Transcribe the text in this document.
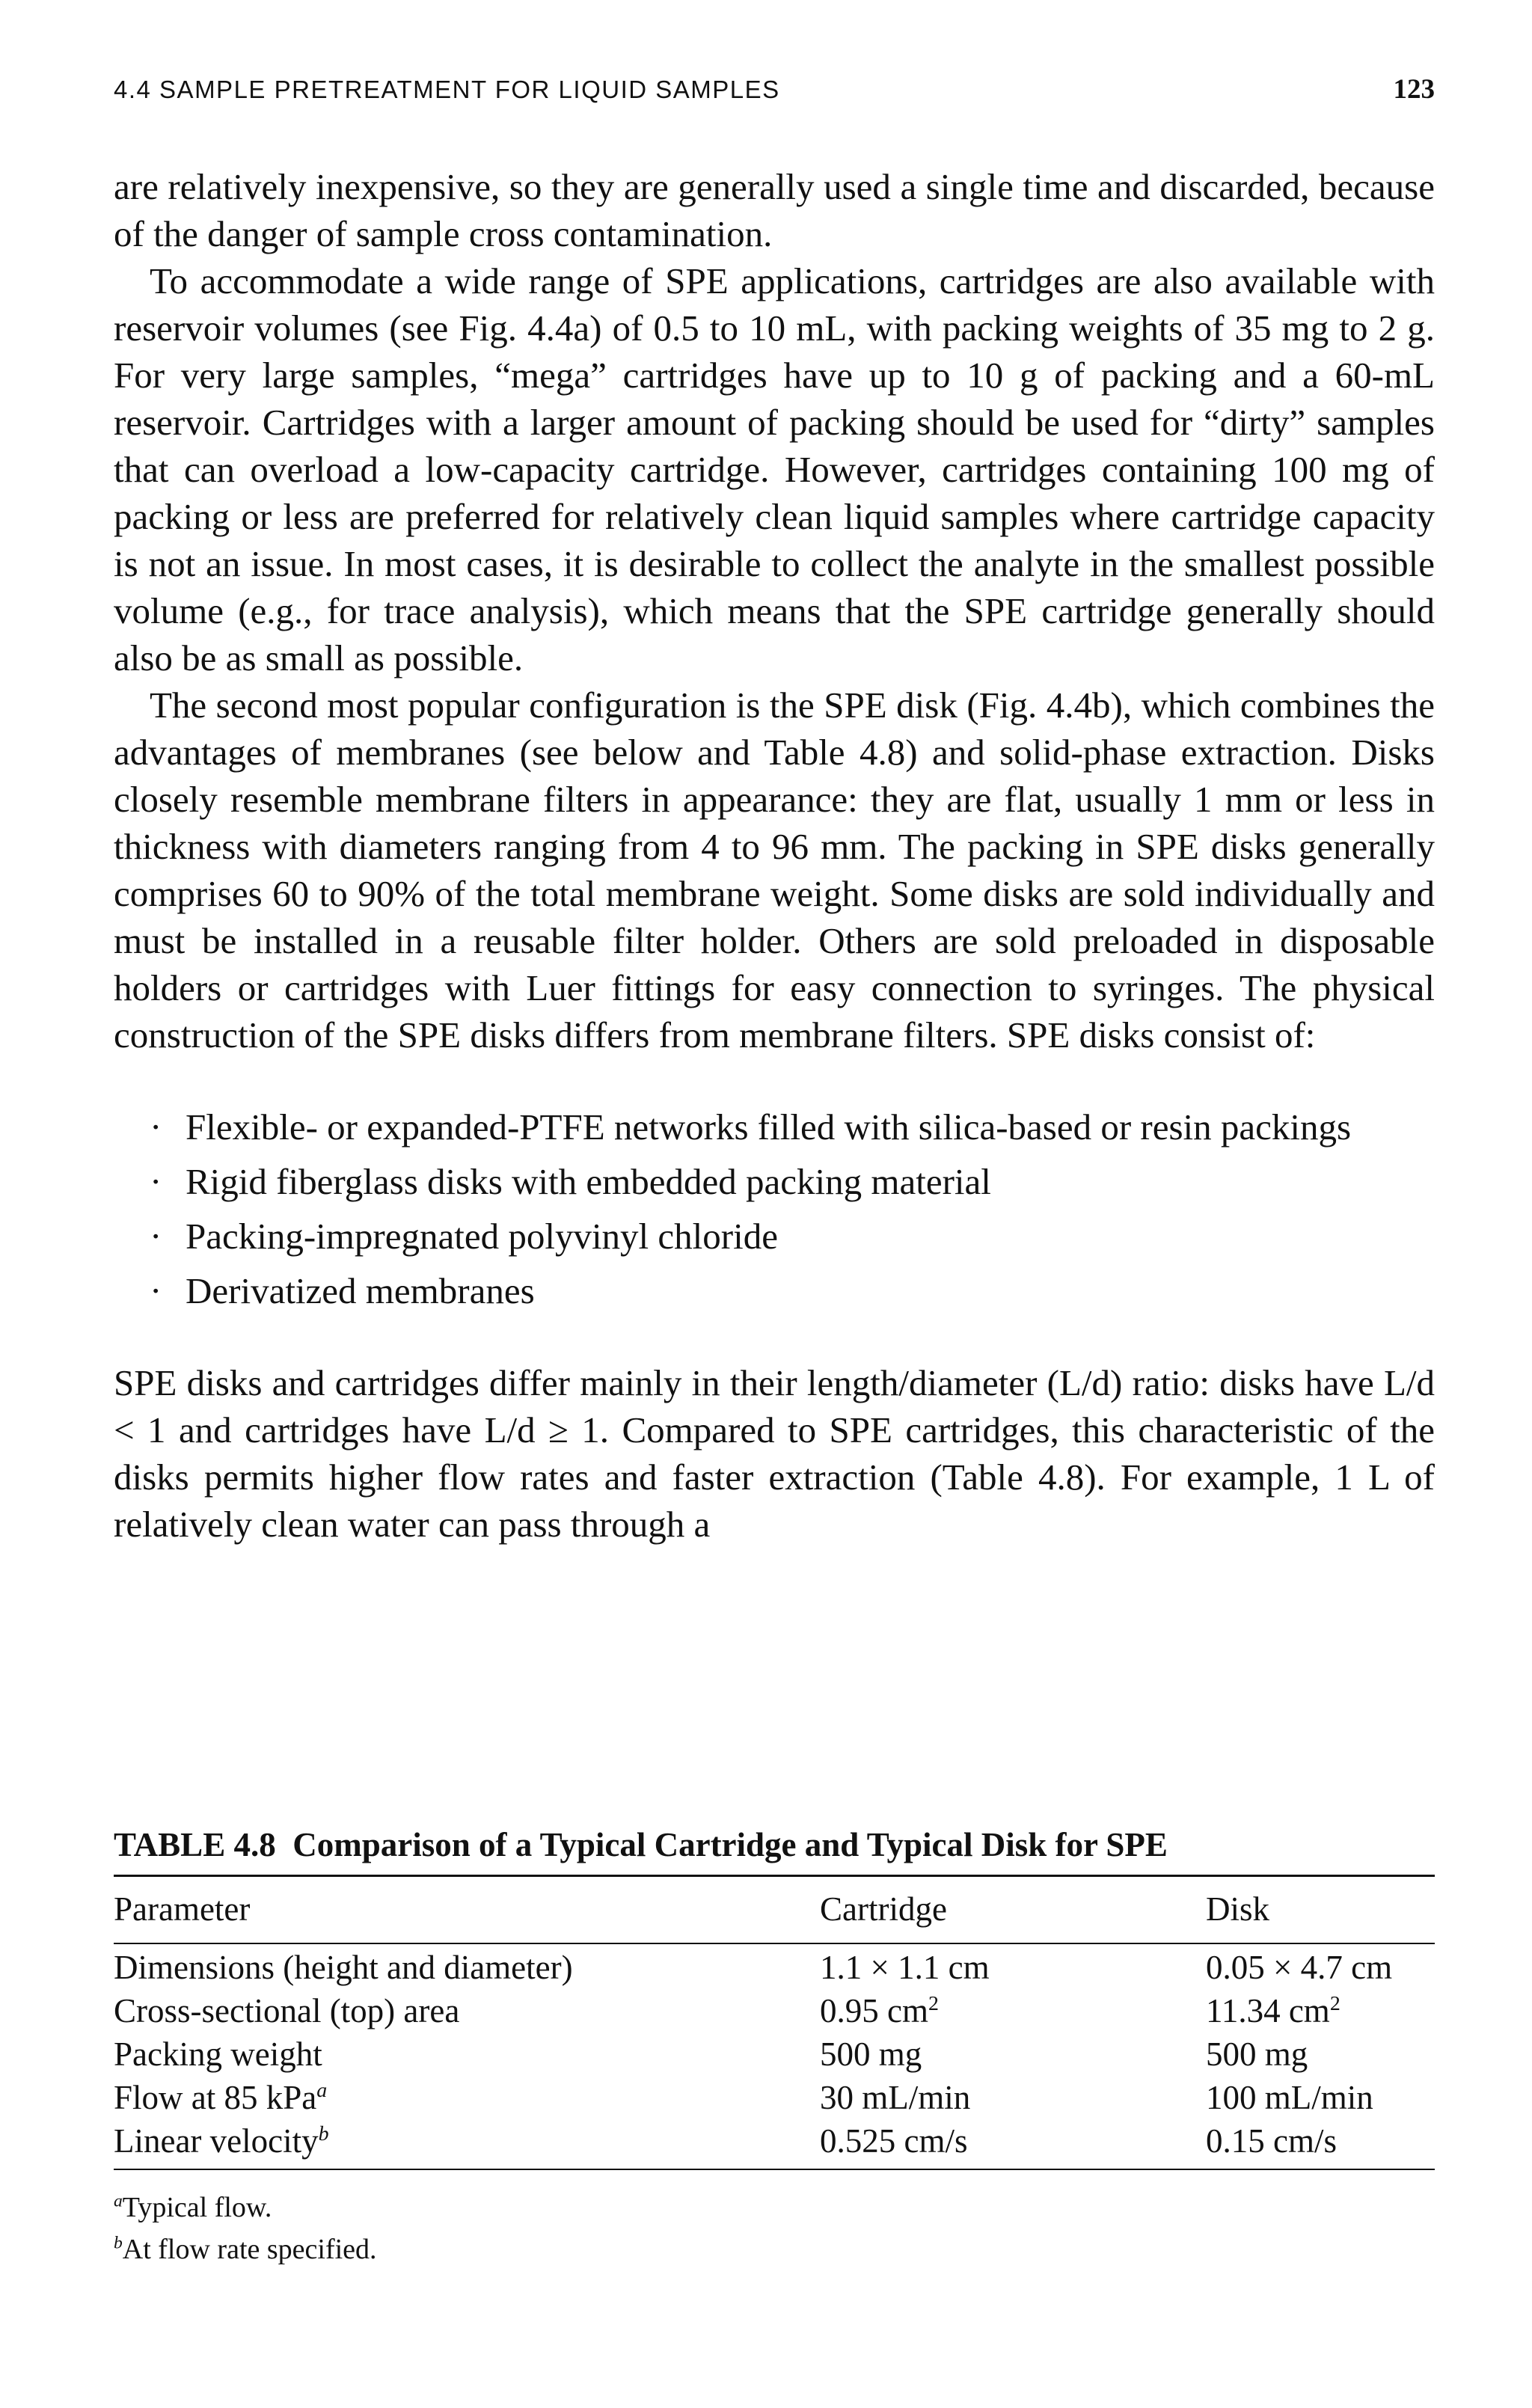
4.4 SAMPLE PRETREATMENT FOR LIQUID SAMPLES	123

are relatively inexpensive, so they are generally used a single time and discarded, because of the danger of sample cross contamination.

To accommodate a wide range of SPE applications, cartridges are also available with reservoir volumes (see Fig. 4.4a) of 0.5 to 10 mL, with packing weights of 35 mg to 2 g. For very large samples, “mega” cartridges have up to 10 g of packing and a 60-mL reservoir. Cartridges with a larger amount of packing should be used for “dirty” samples that can overload a low-capacity cartridge. However, cartridges containing 100 mg of packing or less are preferred for relatively clean liquid samples where cartridge capacity is not an issue. In most cases, it is desirable to collect the analyte in the smallest possible volume (e.g., for trace analysis), which means that the SPE cartridge generally should also be as small as possible.

The second most popular configuration is the SPE disk (Fig. 4.4b), which combines the advantages of membranes (see below and Table 4.8) and solid-phase extraction. Disks closely resemble membrane filters in appearance: they are flat, usually 1 mm or less in thickness with diameters ranging from 4 to 96 mm. The packing in SPE disks generally comprises 60 to 90% of the total membrane weight. Some disks are sold individually and must be installed in a reusable filter holder. Others are sold preloaded in disposable holders or cartridges with Luer fittings for easy connection to syringes. The physical construction of the SPE disks differs from membrane filters. SPE disks consist of:

· Flexible- or expanded-PTFE networks filled with silica-based or resin packings
· Rigid fiberglass disks with embedded packing material
· Packing-impregnated polyvinyl chloride
· Derivatized membranes

SPE disks and cartridges differ mainly in their length/diameter (L/d) ratio: disks have L/d < 1 and cartridges have L/d ≥ 1. Compared to SPE cartridges, this characteristic of the disks permits higher flow rates and faster extraction (Table 4.8). For example, 1 L of relatively clean water can pass through a

TABLE 4.8 Comparison of a Typical Cartridge and Typical Disk for SPE

Parameter	Cartridge	Disk

Dimensions (height and diameter)	1.1 × 1.1 cm	0.05 × 4.7 cm
Cross-sectional (top) area	0.95 $cm^2$	11.34 $cm^2$
Packing weight	500 mg	500 mg
Flow at 85 kPa$^a$	30 mL/min	100 mL/min
Linear velocity$^b$	0.525 cm/s	0.15 cm/s
$^a$Typical flow.
$^b$At flow rate specified.
